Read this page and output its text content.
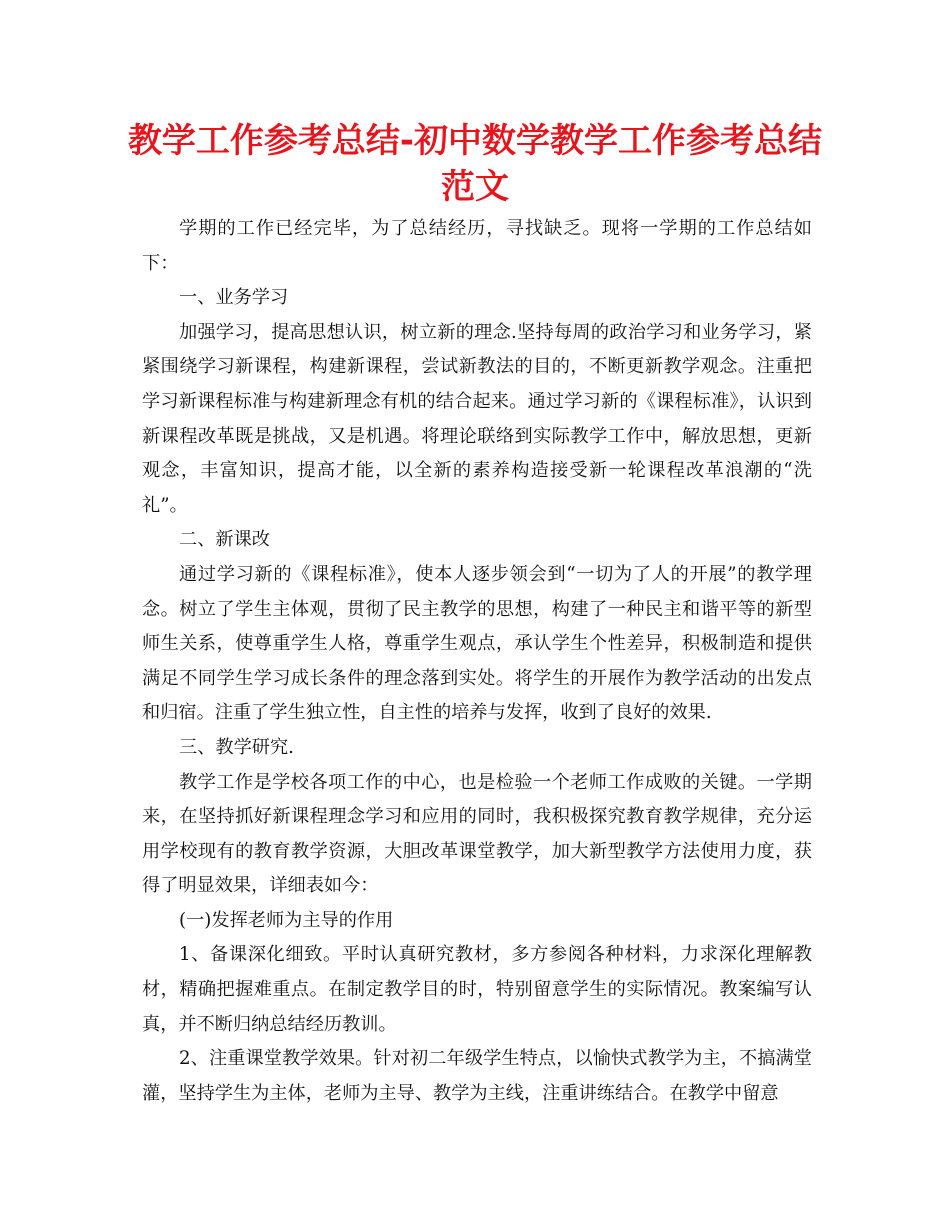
教学工作参考总结-初中数学教学工作参考总结范文

学期的工作已经完毕，为了总结经历，寻找缺乏。现将一学期的工作总结如下：

一、业务学习

加强学习，提高思想认识，树立新的理念.坚持每周的政治学习和业务学习，紧紧围绕学习新课程，构建新课程，尝试新教法的目的，不断更新教学观念。注重把学习新课程标准与构建新理念有机的结合起来。通过学习新的《课程标准》，认识到新课程改革既是挑战，又是机遇。将理论联络到实际教学工作中，解放思想，更新观念，丰富知识，提高才能，以全新的素养构造接受新一轮课程改革浪潮的“洗礼”。

二、新课改

通过学习新的《课程标准》，使本人逐步领会到“一切为了人的开展”的教学理念。树立了学生主体观，贯彻了民主教学的思想，构建了一种民主和谐平等的新型师生关系，使尊重学生人格，尊重学生观点，承认学生个性差异，积极制造和提供满足不同学生学习成长条件的理念落到实处。将学生的开展作为教学活动的出发点和归宿。注重了学生独立性，自主性的培养与发挥，收到了良好的效果.

三、教学研究.

教学工作是学校各项工作的中心，也是检验一个老师工作成败的关键。一学期来，在坚持抓好新课程理念学习和应用的同时，我积极探究教育教学规律，充分运用学校现有的教育教学资源，大胆改革课堂教学，加大新型教学方法使用力度，获得了明显效果，详细表如今：

(一)发挥老师为主导的作用

1、备课深化细致。平时认真研究教材，多方参阅各种材料，力求深化理解教材，精确把握难重点。在制定教学目的时，特别留意学生的实际情况。教案编写认真，并不断归纳总结经历教训。

2、注重课堂教学效果。针对初二年级学生特点，以愉快式教学为主，不搞满堂灌，坚持学生为主体，老师为主导、教学为主线，注重讲练结合。在教学中留意
